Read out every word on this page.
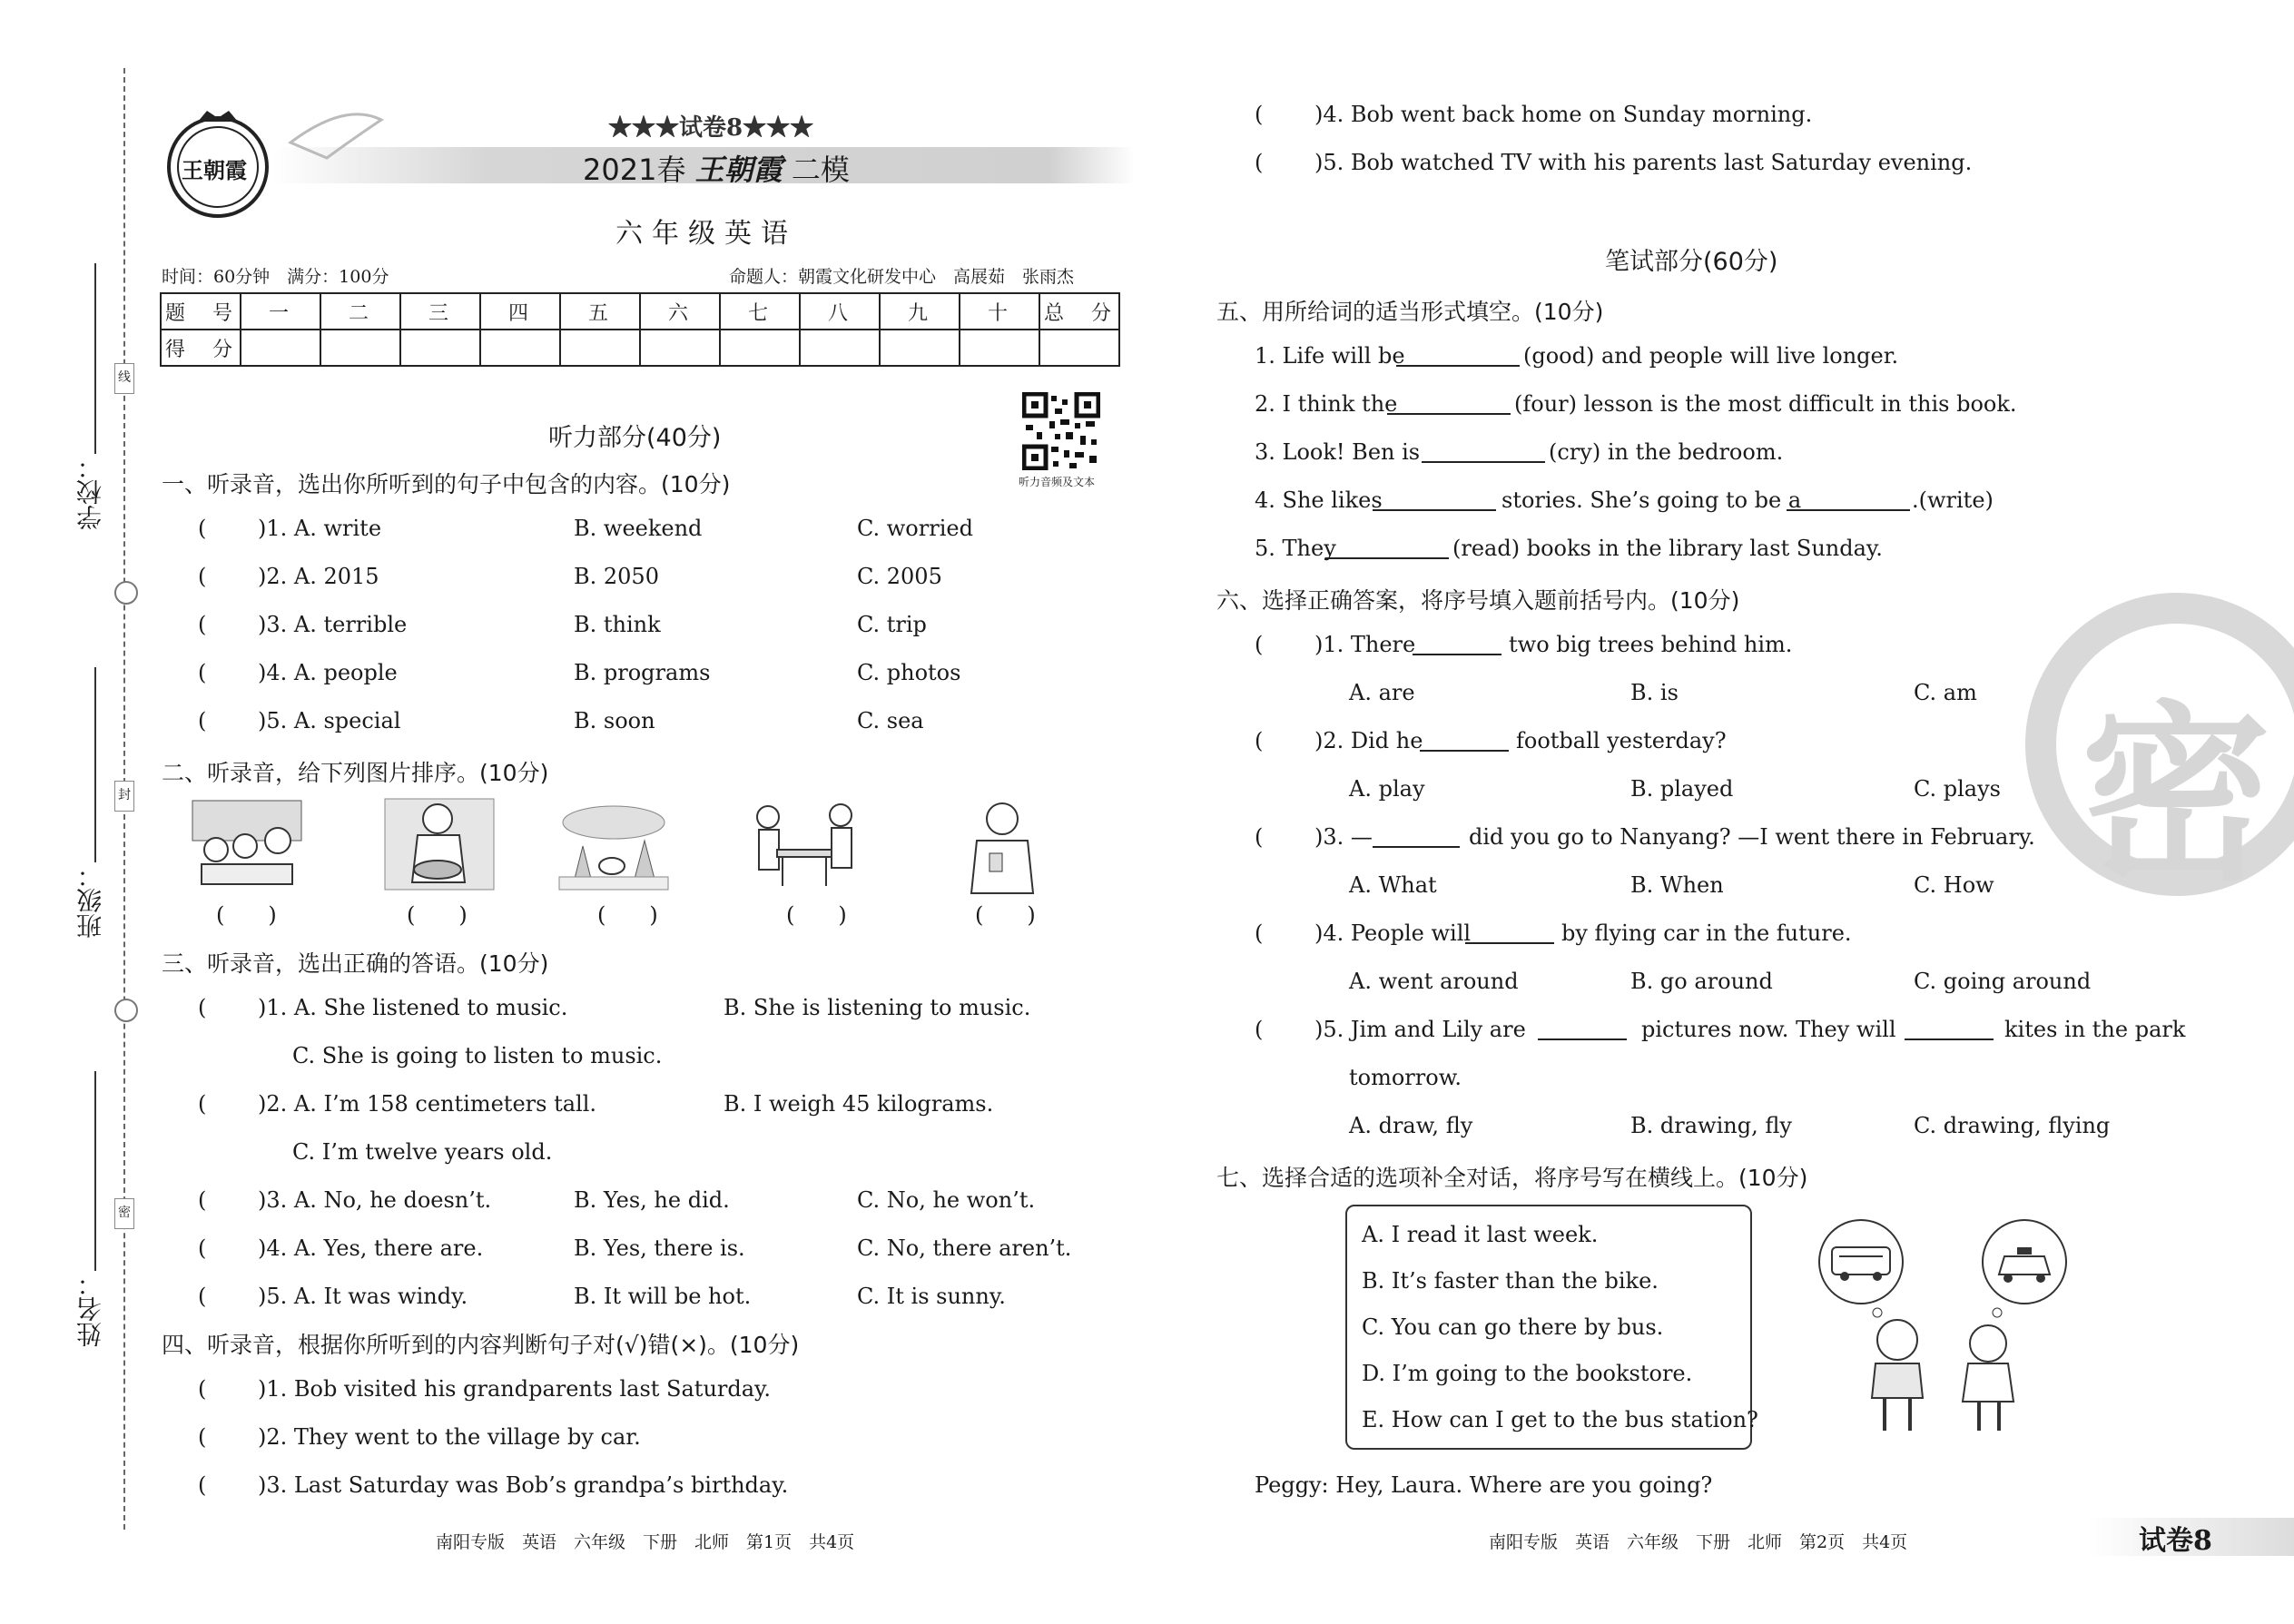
线
封
密
学校：
班级：
姓名：
王朝霞
★★★试卷8★★★
2021春 王朝霞 二模
六年级英语
时间：60分钟　满分：100分	命题人：朝霞文化研发中心　高展茹　张雨杰
题　号	一	二	三	四	五	六	七	八	九	十	总　分
得　分											
听力音频及文本
听力部分(40分)
一、听录音，选出你所听到的句子中包含的内容。(10分)
( )1. A. write	B. weekend	C. worried
( )2. A. 2015	B. 2050	C. 2005
( )3. A. terrible	B. think	C. trip
( )4. A. people	B. programs	C. photos
( )5. A. special	B. soon	C. sea
二、听录音，给下列图片排序。(10分)
(　　)	(　　)	(　　)	(　　)	(　　)
三、听录音，选出正确的答语。(10分)
( )1. A. She listened to music.	B. She is listening to music.
C. She is going to listen to music.
( )2. A. I’m 158 centimeters tall.	B. I weigh 45 kilograms.
C. I’m twelve years old.
( )3. A. No, he doesn’t.	B. Yes, he did.	C. No, he won’t.
( )4. A. Yes, there are.	B. Yes, there is.	C. No, there aren’t.
( )5. A. It was windy.	B. It will be hot.	C. It is sunny.
四、听录音，根据你所听到的内容判断句子对(√)错(×)。(10分)
( )1. Bob visited his grandparents last Saturday.
( )2. They went to the village by car.
( )3. Last Saturday was Bob’s grandpa’s birthday.
( )4. Bob went back home on Sunday morning.
( )5. Bob watched TV with his parents last Saturday evening.
南阳专版　英语　六年级　下册　北师　第1页　共4页
密
笔试部分(60分)
五、用所给词的适当形式填空。(10分)
1. Life will be	(good) and people will live longer.
2. I think the	(four) lesson is the most difficult in this book.
3. Look! Ben is	(cry) in the bedroom.
4. She likes	stories. She’s going to be a	.(write)
5. They	(read) books in the library last Sunday.
六、选择正确答案，将序号填入题前括号内。(10分)
( )1. There	two big trees behind him.
A. are	B. is	C. am
( )2. Did he	football yesterday?
A. play	B. played	C. plays
( )3. —	did you go to Nanyang? —I went there in February.
A. What	B. When	C. How
( )4. People will	by flying car in the future.
A. went around	B. go around	C. going around
( )5. Jim and Lily are	pictures now. They will	kites in the park
tomorrow.
A. draw, fly	B. drawing, fly	C. drawing, flying
七、选择合适的选项补全对话，将序号写在横线上。(10分)
A. I read it last week.
B. It’s faster than the bike.
C. You can go there by bus.
D. I’m going to the bookstore.
E. How can I get to the bus station?
Peggy: Hey, Laura. Where are you going?
南阳专版　英语　六年级　下册　北师　第2页　共4页	试卷8
